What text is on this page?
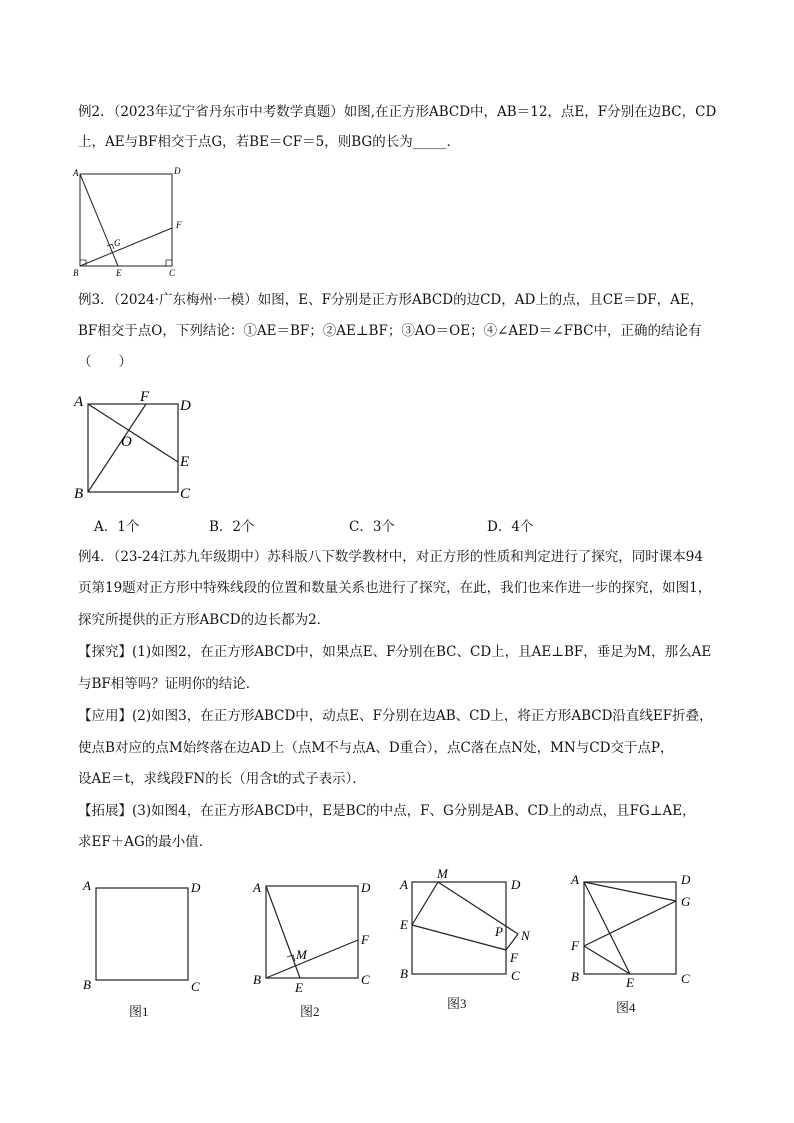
例2．（2023年辽宁省丹东市中考数学真题）如图,在正方形ABCD中，AB＝12，点E，F分别在边BC，CD
上，AE与BF相交于点G，若BE＝CF＝5，则BG的长为_____．
A	D
B	C
E
F
G
例3．（2024·广东梅州·一模）如图，E、F分别是正方形ABCD的边CD，AD上的点，且CE＝DF，AE，
BF相交于点O，下列结论：①AE＝BF；②AE⊥BF；③AO＝OE；④∠AED＝∠FBC中，正确的结论有
（　　）
A	F
D
O
E
B	C
A．1个	B．2个	C．3个	D．4个
例4．（23-24江苏九年级期中）苏科版八下数学教材中，对正方形的性质和判定进行了探究，同时课本94
页第19题对正方形中特殊线段的位置和数量关系也进行了探究，在此，我们也来作进一步的探究，如图1，
探究所提供的正方形ABCD的边长都为2．
【探究】(1)如图2，在正方形ABCD中，如果点E、F分别在BC、CD上，且AE⊥BF，垂足为M，那么AE
与BF相等吗？证明你的结论．
【应用】(2)如图3，在正方形ABCD中，动点E、F分别在边AB、CD上，将正方形ABCD沿直线EF折叠，
使点B对应的点M始终落在边AD上（点M不与点A、D重合），点C落在点N处，MN与CD交于点P，
设AE＝t，求线段FN的长（用含t的式子表示）．
【拓展】(3)如图4，在正方形ABCD中，E是BC的中点，F、G分别是AB、CD上的动点，且FG⊥AE，
求EF＋AG的最小值．
A	D
B	C
图1
A	D
F
M
B
E
C
图2
A
M
D
E	P N
F
B	C
图3
A	D
G
F
B	E	C
图4
